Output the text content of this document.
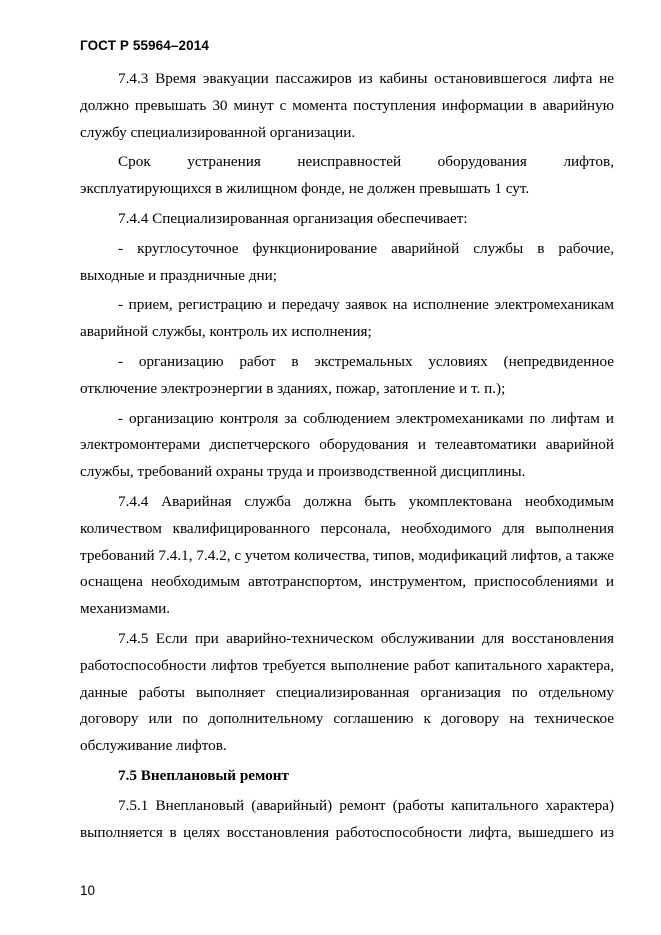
ГОСТ Р 55964–2014

7.4.3 Время эвакуации пассажиров из кабины остановившегося лифта не должно превышать 30 минут с момента поступления информации в аварийную службу специализированной организации.

Срок устранения неисправностей оборудования лифтов, эксплуатирующихся в жилищном фонде, не должен превышать 1 сут.

7.4.4 Специализированная организация обеспечивает:

- круглосуточное функционирование аварийной службы в рабочие, выходные и праздничные дни;

- прием, регистрацию и передачу заявок на исполнение электромеханикам аварийной службы, контроль их исполнения;

- организацию работ в экстремальных условиях (непредвиденное отключение электроэнергии в зданиях, пожар, затопление и т. п.);

- организацию контроля за соблюдением электромеханиками по лифтам и электромонтерами диспетчерского оборудования и телеавтоматики аварийной службы, требований охраны труда и производственной дисциплины.

7.4.4 Аварийная служба должна быть укомплектована необходимым количеством квалифицированного персонала, необходимого для выполнения требований 7.4.1, 7.4.2, с учетом количества, типов, модификаций лифтов, а также оснащена необходимым автотранспортом, инструментом, приспособлениями и механизмами.

7.4.5 Если при аварийно-техническом обслуживании для восстановления работоспособности лифтов требуется выполнение работ капитального характера, данные работы выполняет специализированная организация по отдельному договору или по дополнительному соглашению к договору на техническое обслуживание лифтов.

7.5 Внеплановый ремонт

7.5.1 Внеплановый (аварийный) ремонт (работы капитального характера) выполняется в целях восстановления работоспособности лифта, вышедшего из

10
